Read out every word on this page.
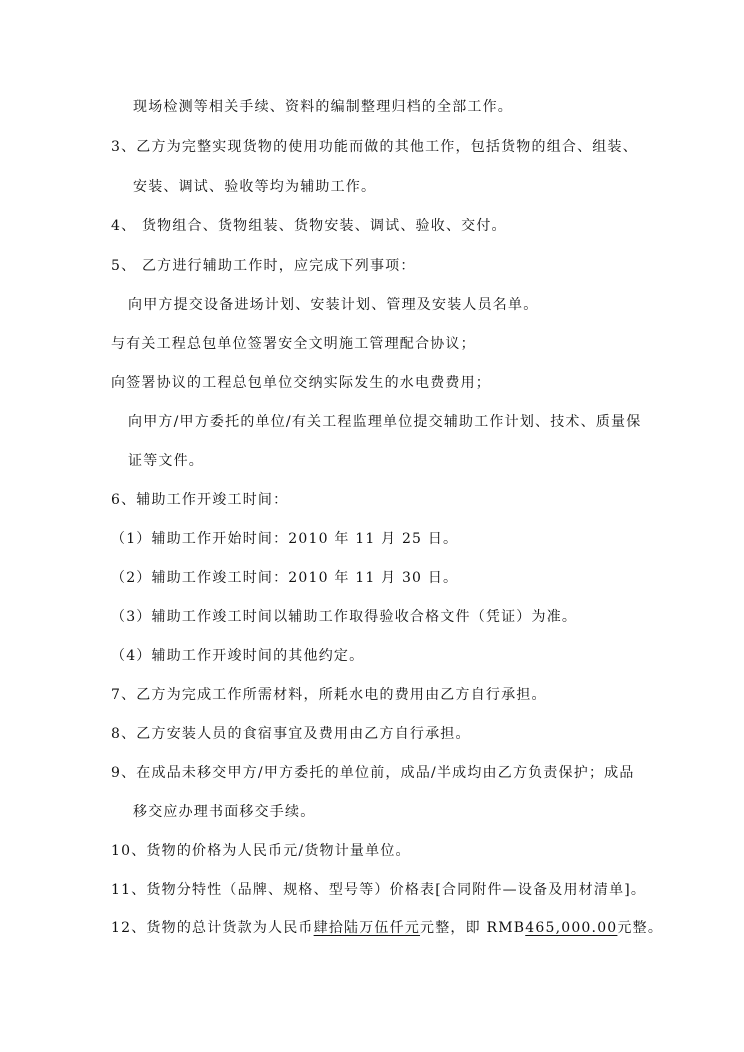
现场检测等相关手续、资料的编制整理归档的全部工作。
3、乙方为完整实现货物的使用功能而做的其他工作，包括货物的组合、组装、
安装、调试、验收等均为辅助工作。
4、 货物组合、货物组装、货物安装、调试、验收、交付。
5、 乙方进行辅助工作时，应完成下列事项：
向甲方提交设备进场计划、安装计划、管理及安装人员名单。
与有关工程总包单位签署安全文明施工管理配合协议；
向签署协议的工程总包单位交纳实际发生的水电费费用；
向甲方/甲方委托的单位/有关工程监理单位提交辅助工作计划、技术、质量保
证等文件。
6、辅助工作开竣工时间：
（1）辅助工作开始时间：2010 年 11 月 25 日。
（2）辅助工作竣工时间：2010 年 11 月 30 日。
（3）辅助工作竣工时间以辅助工作取得验收合格文件（凭证）为准。
（4）辅助工作开竣时间的其他约定。
7、乙方为完成工作所需材料，所耗水电的费用由乙方自行承担。
8、乙方安装人员的食宿事宜及费用由乙方自行承担。
9、在成品未移交甲方/甲方委托的单位前，成品/半成均由乙方负责保护；成品
移交应办理书面移交手续。
10、货物的价格为人民币元/货物计量单位。
11、货物分特性（品牌、规格、型号等）价格表[合同附件—设备及用材清单]。
12、货物的总计货款为人民币肆拾陆万伍仟元元整，即 RMB465,000.00元整。
